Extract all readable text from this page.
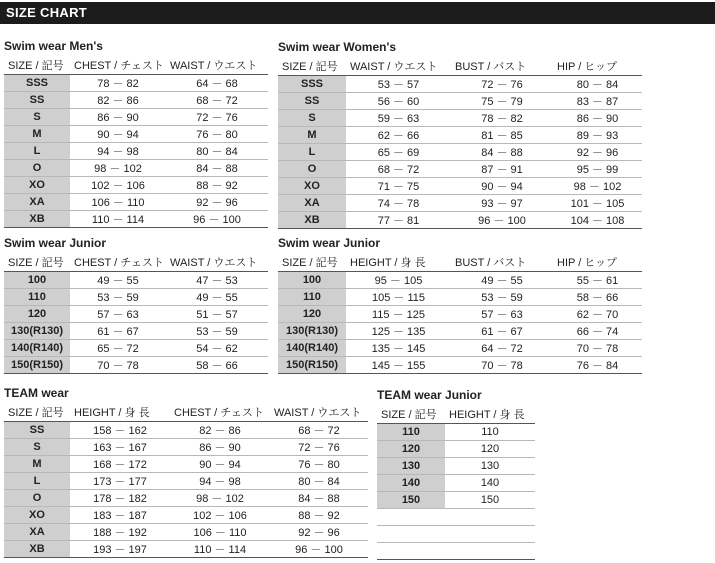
SIZE CHART
Swim wear Men's
SIZE / 記号	CHEST / チェスト	WAIST / ウエスト
SSS	78 － 82	64 － 68
SS	82 － 86	68 － 72
S	86 － 90	72 － 76
M	90 － 94	76 － 80
L	94 － 98	80 － 84
O	98 － 102	84 － 88
XO	102 － 106	88 － 92
XA	106 － 110	92 － 96
XB	110 － 114	96 － 100
Swim wear Women's
SIZE / 記号	WAIST / ウエスト	BUST / バスト	HIP / ヒップ
SSS	53 － 57	72 － 76	80 － 84
SS	56 － 60	75 － 79	83 － 87
S	59 － 63	78 － 82	86 － 90
M	62 － 66	81 － 85	89 － 93
L	65 － 69	84 － 88	92 － 96
O	68 － 72	87 － 91	95 － 99
XO	71 － 75	90 － 94	98 － 102
XA	74 － 78	93 － 97	101 － 105
XB	77 － 81	96 － 100	104 － 108
Swim wear Junior
SIZE / 記号	CHEST / チェスト	WAIST / ウエスト
100	49 － 55	47 － 53
110	53 － 59	49 － 55
120	57 － 63	51 － 57
130(R130)	61 － 67	53 － 59
140(R140)	65 － 72	54 － 62
150(R150)	70 － 78	58 － 66
Swim wear Junior
SIZE / 記号	HEIGHT / 身 長	BUST / バスト	HIP / ヒップ
100	95 － 105	49 － 55	55 － 61
110	105 － 115	53 － 59	58 － 66
120	115 － 125	57 － 63	62 － 70
130(R130)	125 － 135	61 － 67	66 － 74
140(R140)	135 － 145	64 － 72	70 － 78
150(R150)	145 － 155	70 － 78	76 － 84
TEAM wear
SIZE / 記号	HEIGHT / 身 長	CHEST / チェスト	WAIST / ウエスト
SS	158 － 162	82 － 86	68 － 72
S	163 － 167	86 － 90	72 － 76
M	168 － 172	90 － 94	76 － 80
L	173 － 177	94 － 98	80 － 84
O	178 － 182	98 － 102	84 － 88
XO	183 － 187	102 － 106	88 － 92
XA	188 － 192	106 － 110	92 － 96
XB	193 － 197	110 － 114	96 － 100
TEAM wear Junior
SIZE / 記号	HEIGHT / 身 長
110	110
120	120
130	130
140	140
150	150
